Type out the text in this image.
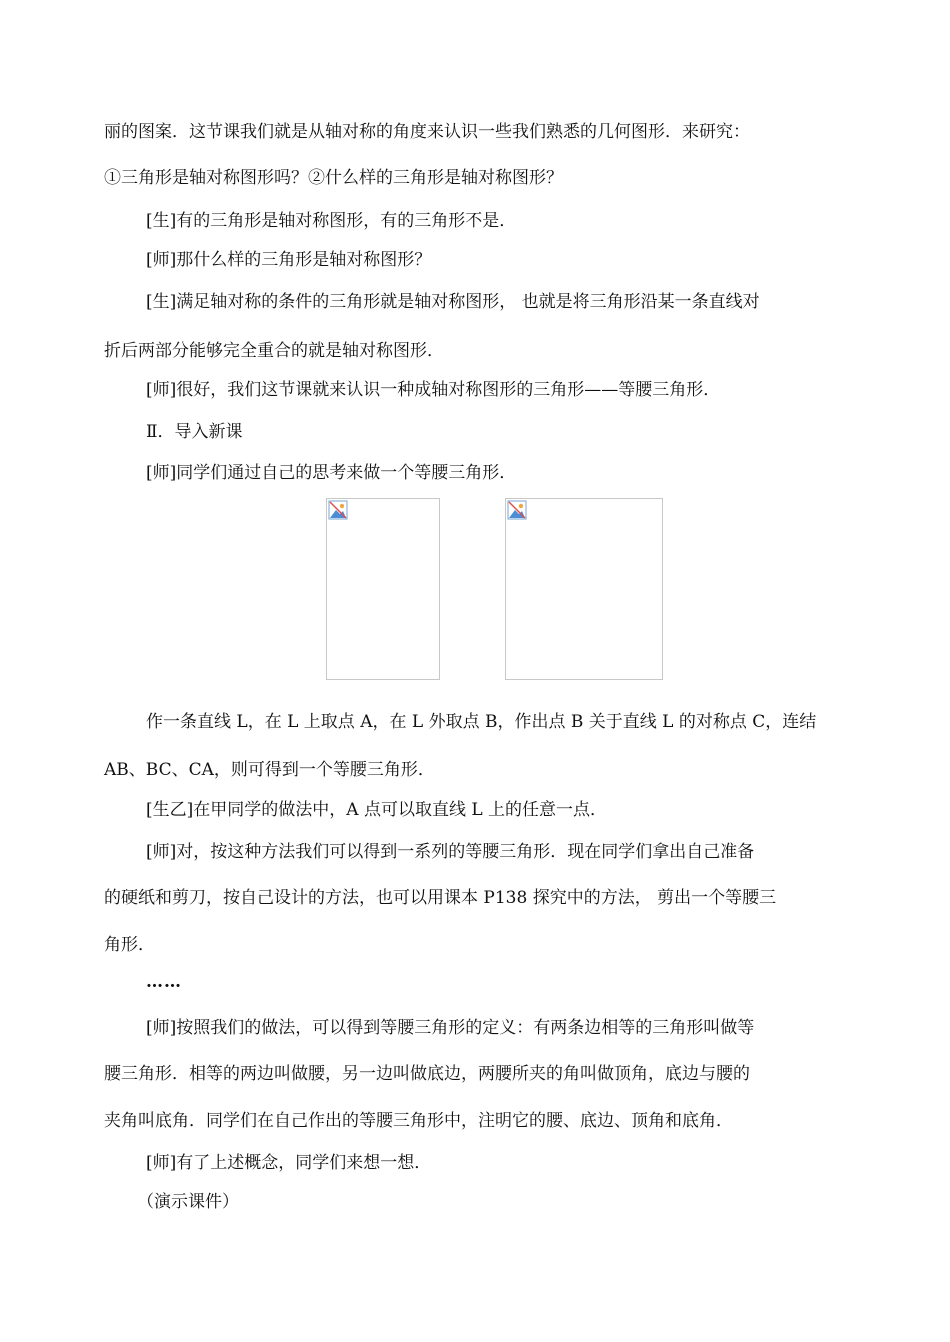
丽的图案．这节课我们就是从轴对称的角度来认识一些我们熟悉的几何图形．来研究：
①三角形是轴对称图形吗？②什么样的三角形是轴对称图形？
[生]有的三角形是轴对称图形，有的三角形不是．
[师]那什么样的三角形是轴对称图形？
[生]满足轴对称的条件的三角形就是轴对称图形， 也就是将三角形沿某一条直线对
折后两部分能够完全重合的就是轴对称图形．
[师]很好，我们这节课就来认识一种成轴对称图形的三角形——等腰三角形．
Ⅱ．导入新课
[师]同学们通过自己的思考来做一个等腰三角形．
作一条直线 L，在 L 上取点 A，在 L 外取点 B，作出点 B 关于直线 L 的对称点 C，连结
AB、BC、CA，则可得到一个等腰三角形．
[生乙]在甲同学的做法中，A 点可以取直线 L 上的任意一点．
[师]对，按这种方法我们可以得到一系列的等腰三角形．现在同学们拿出自己准备
的硬纸和剪刀，按自己设计的方法，也可以用课本 P138 探究中的方法， 剪出一个等腰三
角形．
……
[师]按照我们的做法，可以得到等腰三角形的定义：有两条边相等的三角形叫做等
腰三角形．相等的两边叫做腰，另一边叫做底边，两腰所夹的角叫做顶角，底边与腰的
夹角叫底角．同学们在自己作出的等腰三角形中，注明它的腰、底边、顶角和底角．
[师]有了上述概念，同学们来想一想．
（演示课件）
